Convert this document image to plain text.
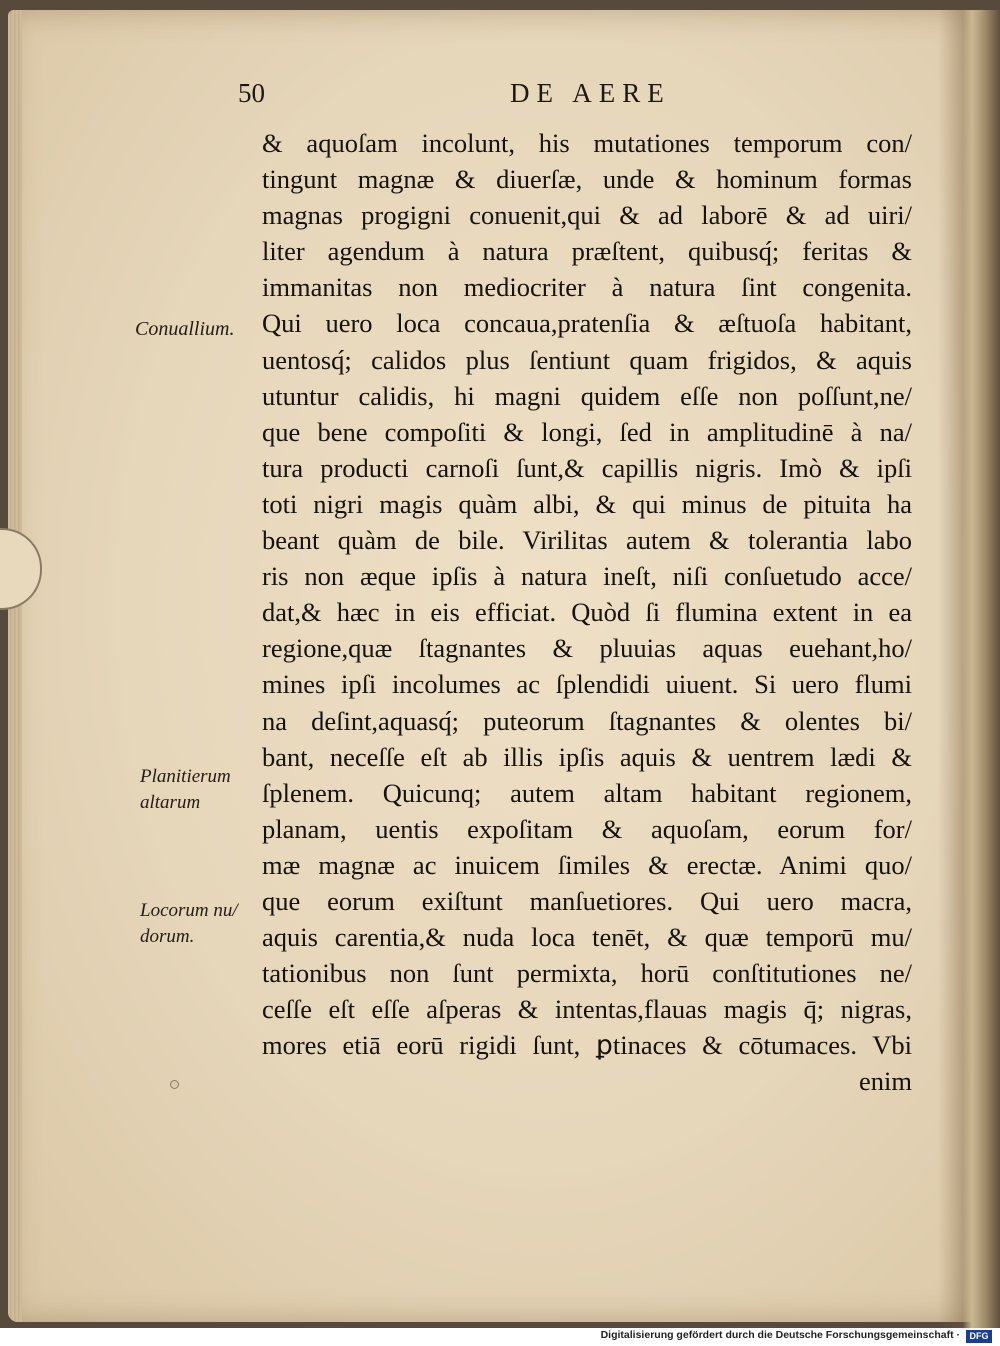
50	DE AERE
& aquoſam incolunt, his mutationes temporum con/
tingunt magnæ & diuerſæ, unde & hominum formas
magnas progigni conuenit,qui & ad laborē & ad uiri/
liter agendum à natura præſtent, quibusq́; feritas &
immanitas non mediocriter à natura ſint congenita.
Qui uero loca concaua,pratenſia & æſtuoſa habitant,
uentosq́; calidos plus ſentiunt quam frigidos, & aquis
utuntur calidis, hi magni quidem eſſe non poſſunt,ne/
que bene compoſiti & longi, ſed in amplitudinē à na/
tura producti carnoſi ſunt,& capillis nigris. Imò & ipſi
toti nigri magis quàm albi, & qui minus de pituita ha
beant quàm de bile. Virilitas autem & tolerantia labo
ris non æque ipſis à natura ineſt, niſi conſuetudo acce/
dat,& hæc in eis efficiat. Quòd ſi flumina extent in ea
regione,quæ ſtagnantes & pluuias aquas euehant,ho/
mines ipſi incolumes ac ſplendidi uiuent. Si uero flumi
na deſint,aquasq́; puteorum ſtagnantes & olentes bi/
bant, neceſſe eſt ab illis ipſis aquis & uentrem lædi &
ſplenem. Quicunq; autem altam habitant regionem,
planam, uentis expoſitam & aquoſam, eorum for/
mæ magnæ ac inuicem ſimiles & erectæ. Animi quo/
que eorum exiſtunt manſuetiores. Qui uero macra,
aquis carentia,& nuda loca tenēt, & quæ temporū mu/
tationibus non ſunt permixta, horū conſtitutiones ne/
ceſſe eſt eſſe aſperas & intentas,flauas magis q̄; nigras,
mores etiā eorū rigidi ſunt, ꝑtinaces & cōtumaces. Vbi
enim

Conuallium.

Planitierum
altarum

Locorum nu/
dorum.

Digitalisierung gefördert durch die Deutsche Forschungsgemeinschaft ·	DFG
